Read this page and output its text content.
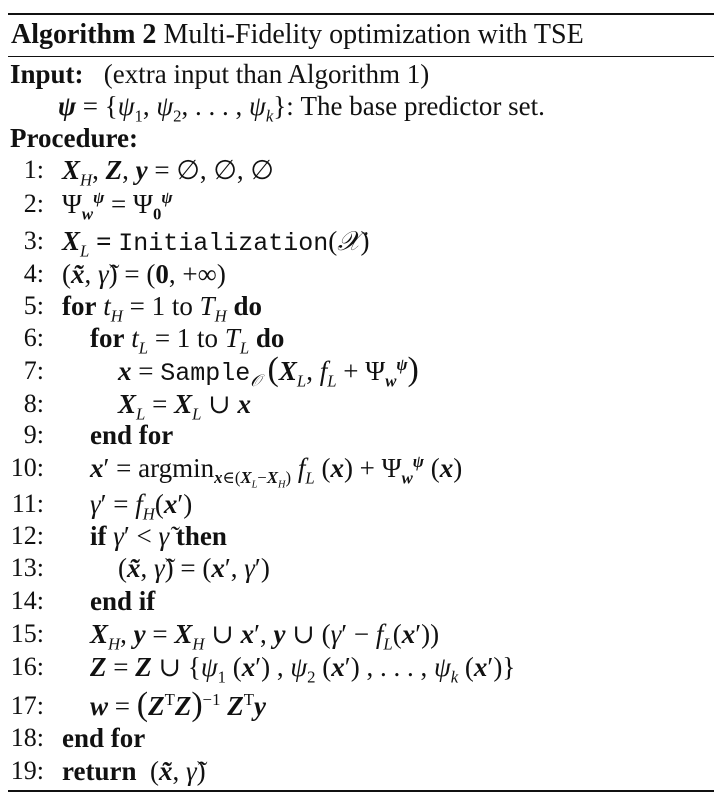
Algorithm 2 Multi-Fidelity optimization with TSE
Input: (extra input than Algorithm 1)
$\psi = \{\psi_1$, $\psi_2$, . . . , $\psi_k$}: The base predictor set.
Procedure:
1: $X_H$, Z, y = ∅, ∅, ∅
2: $\Psi_w^\psi = \Psi_0^\psi$
3: $X_L$ = Initialization(𝒳)
4: (x̃, γ̃) = (0, +∞)
5: for $t_H = 1$ to $T_H$ do
6: for $t_L = 1$ to $T_L$ do
7:	x = Sample$_𝒪$ ($X_L$, $f_L + \Psi_w^\psi$)
8:	$X_L = X_L$ ∪ x
9: end for
10: x′ = argmin$_{x\in(X_L-X_H)}$ $f_L$ $(x) + \Psi_w^\psi$ (x)
11: $\gamma' = f_H(x')$
12: if γ′ < γ̃ then
13:	(x̃, γ̃) = (x′, γ′)
14: end if
15: $X_H$, $y = X_H$ ∪ x′, y ∪ $(\gamma' - f_L(x'))$
16: Z = Z ∪ {$\psi_1$ (x′) , $\psi_2$ (x′) , . . . , $\psi_k$ (x′)}
17: $w = (Z^TZ)^{-1}$ $Z^Ty$
18: end for
19: return  (x̃, γ̃)
